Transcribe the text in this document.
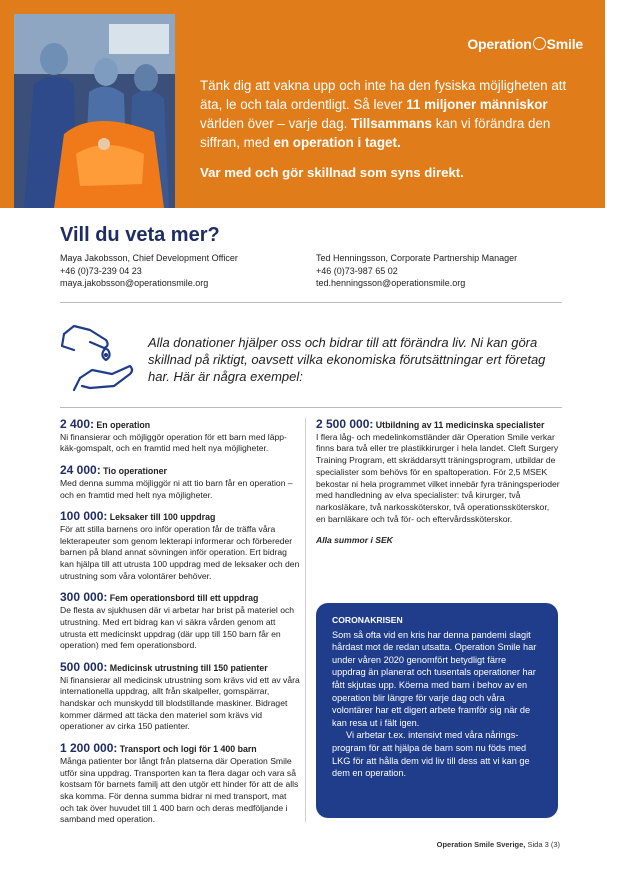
Operation Smile
Tänk dig att vakna upp och inte ha den fysiska möjligheten att äta, le och tala ordentligt. Så lever 11 miljoner människor världen över – varje dag. Tillsammans kan vi förändra den siffran, med en operation i taget.
Var med och gör skillnad som syns direkt.
Vill du veta mer?
Maya Jakobsson, Chief Development Officer
+46 (0)73-239 04 23
maya.jakobsson@operationsmile.org
Ted Henningsson, Corporate Partnership Manager
+46 (0)73-987 65 02
ted.henningsson@operationsmile.org
Alla donationer hjälper oss och bidrar till att förändra liv. Ni kan göra skillnad på riktigt, oavsett vilka ekonomiska förutsättningar ert företag har. Här är några exempel:
2 400: En operation

Ni finansierar och möjliggör operation för ett barn med läpp-käk-gomspalt, och en framtid med helt nya möjligheter.

24 000: Tio operationer

Med denna summa möjliggör ni att tio barn får en operation – och en framtid med helt nya möjligheter.

100 000: Leksaker till 100 uppdrag

För att stilla barnens oro inför operation får de träffa våra lekterapeuter som genom lekterapi informerar och förbereder barnen på bland annat sövningen inför operation. Ert bidrag kan hjälpa till att utrusta 100 uppdrag med de leksaker och den utrustning som våra volontärer behöver.

300 000: Fem operationsbord till ett uppdrag

De flesta av sjukhusen där vi arbetar har brist på materiel och utrustning. Med ert bidrag kan vi säkra vården genom att utrusta ett medicinskt uppdrag (där upp till 150 barn får en operation) med fem operationsbord.

500 000: Medicinsk utrustning till 150 patienter

Ni finansierar all medicinsk utrustning som krävs vid ett av våra internationella uppdrag, allt från skalpeller, gomspärrar, handskar och munskydd till blodstillande maskiner. Bidraget kommer därmed att täcka den materiel som krävs vid operationer av cirka 150 patienter.

1 200 000: Transport och logi för 1 400 barn

Många patienter bor långt från platserna där Operation Smile utför sina uppdrag. Transporten kan ta flera dagar och vara så kostsam för barnets familj att den utgör ett hinder för att de alls ska komma. För denna summa bidrar ni med transport, mat och tak över huvudet till 1 400 barn och deras medföljande i samband med operation.

2 500 000: Utbildning av 11 medicinska specialister

I flera låg- och medelinkomstländer där Operation Smile verkar finns bara två eller tre plastikkirurger i hela landet. Cleft Surgery Training Program, ett skräddarsytt träningsprogram, utbildar de specialister som behövs för en spaltoperation. För 2,5 MSEK bekostar ni hela programmet vilket innebär fyra träningsperioder med handledning av elva specialister: två kirurger, två narkosläkare, två narkossköterskor, två operationssköterskor, en barnläkare och två för- och eftervårdssköterskor.

Alla summor i SEK
CORONAKRISEN

Som så ofta vid en kris har denna pandemi slagit hårdast mot de redan utsatta. Operation Smile har under våren 2020 genomfört betydligt färre uppdrag än planerat och tusentals operationer har fått skjutas upp. Köerna med barn i behov av en operation blir längre för varje dag och våra volontärer har ett digert arbete framför sig när de kan resa ut i fält igen.

Vi arbetar t.ex. intensivt med våra nårings-program för att hjälpa de barn som nu föds med LKG för att hålla dem vid liv till dess att vi kan ge dem en operation.

Operation Smile Sverige, Sida 3 (3)
